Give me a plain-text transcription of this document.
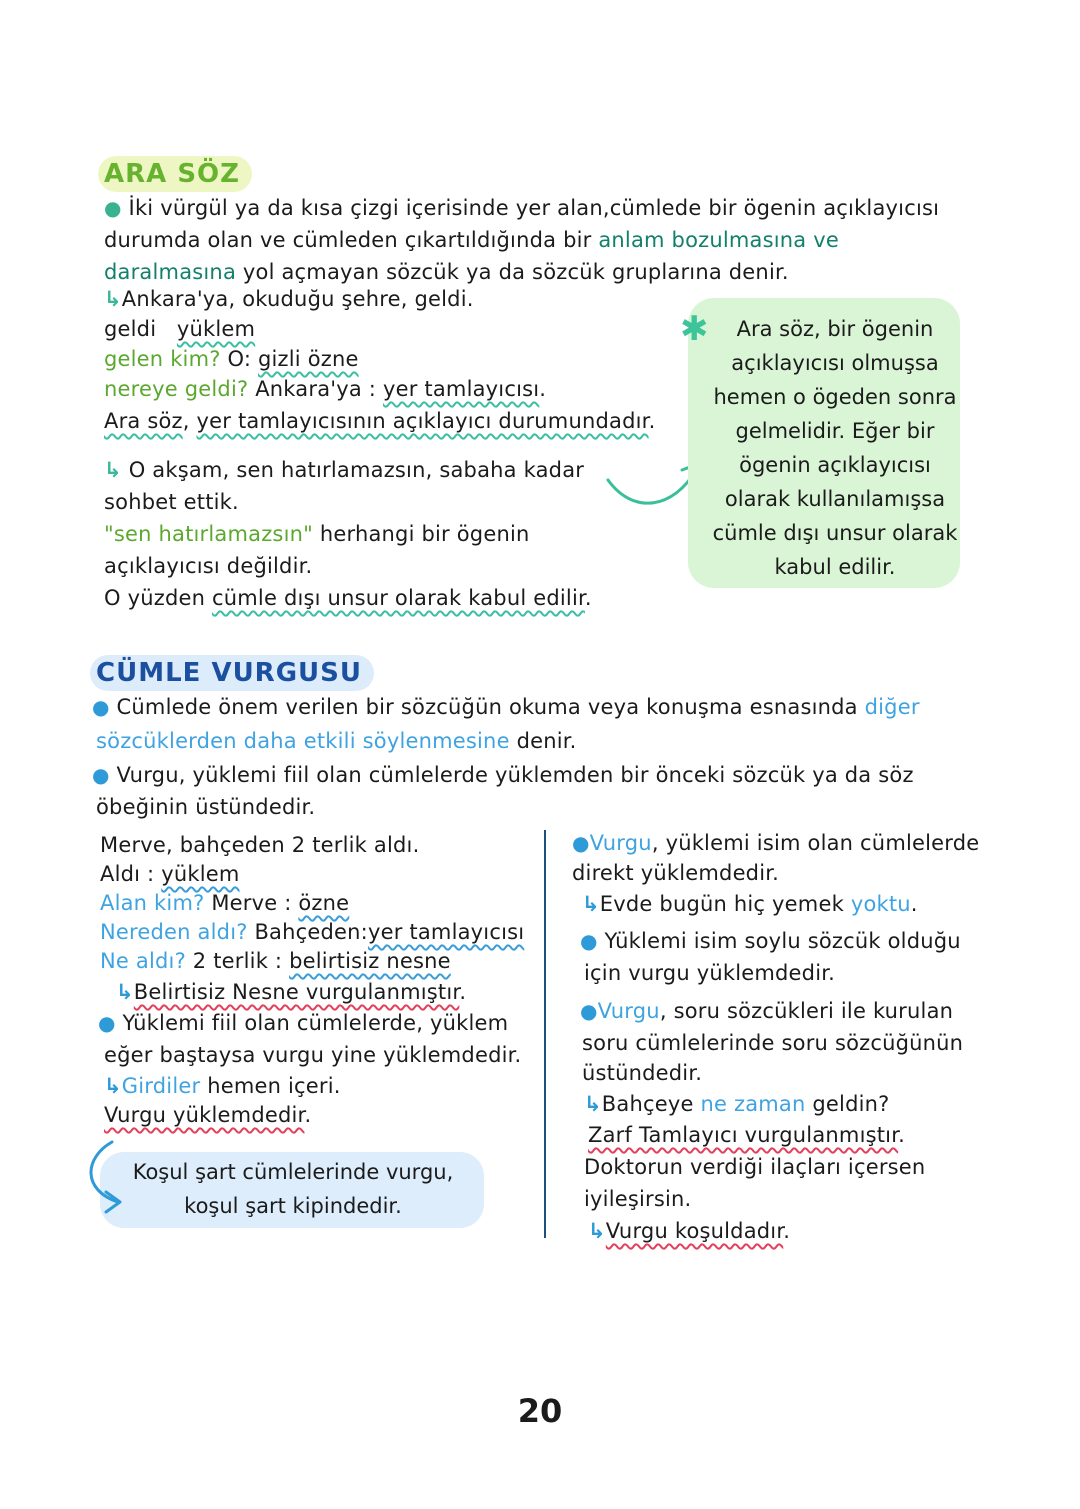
ARA SÖZ
● İki vürgül ya da kısa çizgi içerisinde yer alan,cümlede bir ögenin açıklayıcısı
durumda olan ve cümleden çıkartıldığında bir anlam bozulmasına ve
daralmasına yol açmayan sözcük ya da sözcük gruplarına denir.
↳Ankara'ya, okuduğu şehre, geldi.
geldi yüklem
gelen kim? O: gizli özne
nereye geldi? Ankara'ya : yer tamlayıcısı.
Ara söz, yer tamlayıcısının açıklayıcı durumundadır.
↳ O akşam, sen hatırlamazsın, sabaha kadar
sohbet ettik.
"sen hatırlamazsın" herhangi bir ögenin
açıklayıcısı değildir.
O yüzden cümle dışı unsur olarak kabul edilir.
✱	Ara söz, bir ögenin
açıklayıcısı olmuşsa
hemen o ögeden sonra
gelmelidir. Eğer bir
ögenin açıklayıcısı
olarak kullanılamışsa
cümle dışı unsur olarak
kabul edilir.
CÜMLE VURGUSU
● Cümlede önem verilen bir sözcüğün okuma veya konuşma esnasında diğer
sözcüklerden daha etkili söylenmesine denir.
● Vurgu, yüklemi fiil olan cümlelerde yüklemden bir önceki sözcük ya da söz
öbeğinin üstündedir.
Merve, bahçeden 2 terlik aldı.
Aldı : yüklem
Alan kim? Merve : özne
Nereden aldı? Bahçeden:yer tamlayıcısı
Ne aldı? 2 terlik : belirtisiz nesne
↳Belirtisiz Nesne vurgulanmıştır.
● Yüklemi fiil olan cümlelerde, yüklem
eğer baştaysa vurgu yine yüklemdedir.
↳Girdiler hemen içeri.
Vurgu yüklemdedir.
Koşul şart cümlelerinde vurgu,
koşul şart kipindedir.
●Vurgu, yüklemi isim olan cümlelerde
direkt yüklemdedir.
↳Evde bugün hiç yemek yoktu.
● Yüklemi isim soylu sözcük olduğu
için vurgu yüklemdedir.
●Vurgu, soru sözcükleri ile kurulan
soru cümlelerinde soru sözcüğünün
üstündedir.
↳Bahçeye ne zaman geldin?
Zarf Tamlayıcı vurgulanmıştır.
Doktorun verdiği ilaçları içersen
iyileşirsin.
↳Vurgu koşuldadır.
20
